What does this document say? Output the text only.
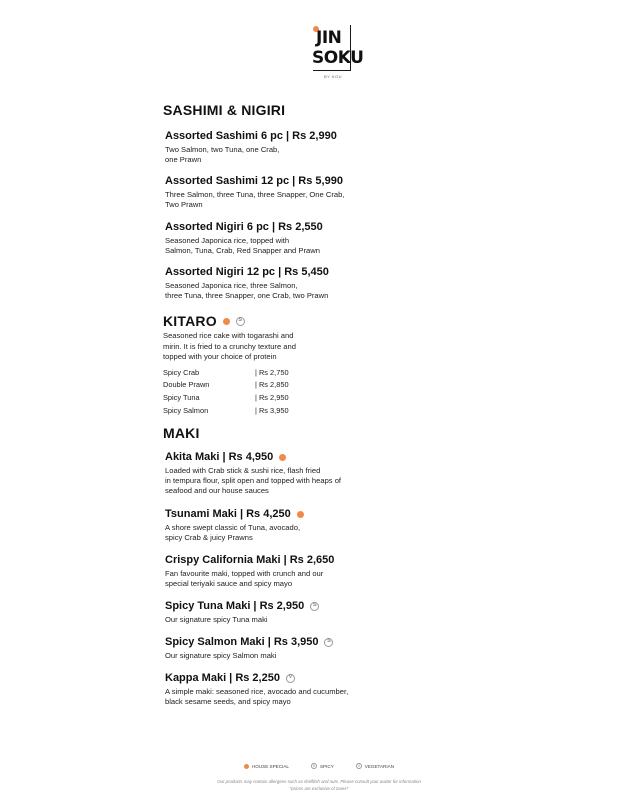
JIN
SOKU
BY KOU
SASHIMI & NIGIRI
Assorted Sashimi 6 pc | Rs 2,990
Two Salmon, two Tuna, one Crab,
one Prawn
Assorted Sashimi 12 pc | Rs 5,990
Three Salmon, three Tuna, three Snapper, One Crab,
Two Prawn
Assorted Nigiri 6 pc | Rs 2,550
Seasoned Japonica rice, topped with
Salmon, Tuna, Crab, Red Snapper and Prawn
Assorted Nigiri 12 pc | Rs 5,450
Seasoned Japonica rice, three Salmon,
three Tuna, three Snapper, one Crab, two Prawn
KITARO	S
Seasoned rice cake with togarashi and
mirin. It is fried to a crunchy texture and
topped with your choice of protein
Spicy Crab	| Rs 2,750
Double Prawn	| Rs 2,850
Spicy Tuna	| Rs 2,950
Spicy Salmon	| Rs 3,950
MAKI
Akita Maki | Rs 4,950
Loaded with Crab stick & sushi rice, flash fried
in tempura flour, split open and topped with heaps of
seafood and our house sauces
Tsunami Maki | Rs 4,250
A shore swept classic of Tuna, avocado,
spicy Crab & juicy Prawns
Crispy California Maki | Rs 2,650
Fan favourite maki, topped with crunch and our
special teriyaki sauce and spicy mayo
Spicy Tuna Maki | Rs 2,950	S
Our signature spicy Tuna maki
Spicy Salmon Maki | Rs 3,950	S
Our signature spicy Salmon maki
Kappa Maki | Rs 2,250	V
A simple maki: seasoned rice, avocado and cucumber,
black sesame seeds, and spicy mayo
HOUSE SPECIAL	S	SPICY	V	VEGETARIAN
Our products may contain allergens such as shellfish and nuts. Please consult your waiter for information
*prices are exclusive of taxes*
